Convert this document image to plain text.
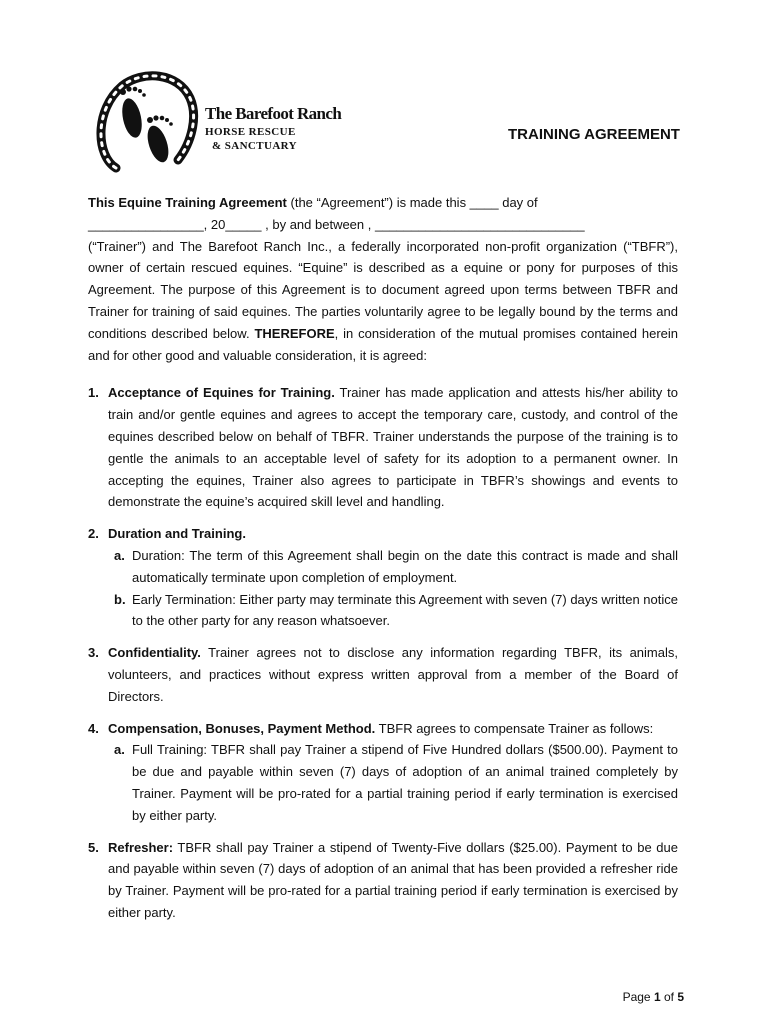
The Barefoot Ranch
HORSE RESCUE
& SANCTUARY
TRAINING AGREEMENT

This Equine Training Agreement (the “Agreement”) is made this ____ day of
________________, 20_____ , by and between , _____________________________
(“Trainer”) and The Barefoot Ranch Inc., a federally incorporated non-profit organization (“TBFR”), owner of certain rescued equines. “Equine” is described as a equine or pony for purposes of this Agreement. The purpose of this Agreement is to document agreed upon terms between TBFR and Trainer for training of said equines. The parties voluntarily agree to be legally bound by the terms and conditions described below. THEREFORE, in consideration of the mutual promises contained herein and for other good and valuable consideration, it is agreed:

1. Acceptance of Equines for Training. Trainer has made application and attests his/her ability to train and/or gentle equines and agrees to accept the temporary care, custody, and control of the equines described below on behalf of TBFR. Trainer understands the purpose of the training is to gentle the animals to an acceptable level of safety for its adoption to a permanent owner. In accepting the equines, Trainer also agrees to participate in TBFR’s showings and events to demonstrate the equine’s acquired skill level and handling.
2. Duration and Training.
a. Duration: The term of this Agreement shall begin on the date this contract is made and shall automatically terminate upon completion of employment.
b. Early Termination: Either party may terminate this Agreement with seven (7) days written notice to the other party for any reason whatsoever.
3. Confidentiality. Trainer agrees not to disclose any information regarding TBFR, its animals, volunteers, and practices without express written approval from a member of the Board of Directors.
4. Compensation, Bonuses, Payment Method. TBFR agrees to compensate Trainer as follows:
a. Full Training: TBFR shall pay Trainer a stipend of Five Hundred dollars ($500.00). Payment to be due and payable within seven (7) days of adoption of an animal trained completely by Trainer. Payment will be pro-rated for a partial training period if early termination is exercised by either party.
5. Refresher: TBFR shall pay Trainer a stipend of Twenty-Five dollars ($25.00). Payment to be due and payable within seven (7) days of adoption of an animal that has been provided a refresher ride by Trainer. Payment will be pro-rated for a partial training period if early termination is exercised by either party.
Page 1 of 5
